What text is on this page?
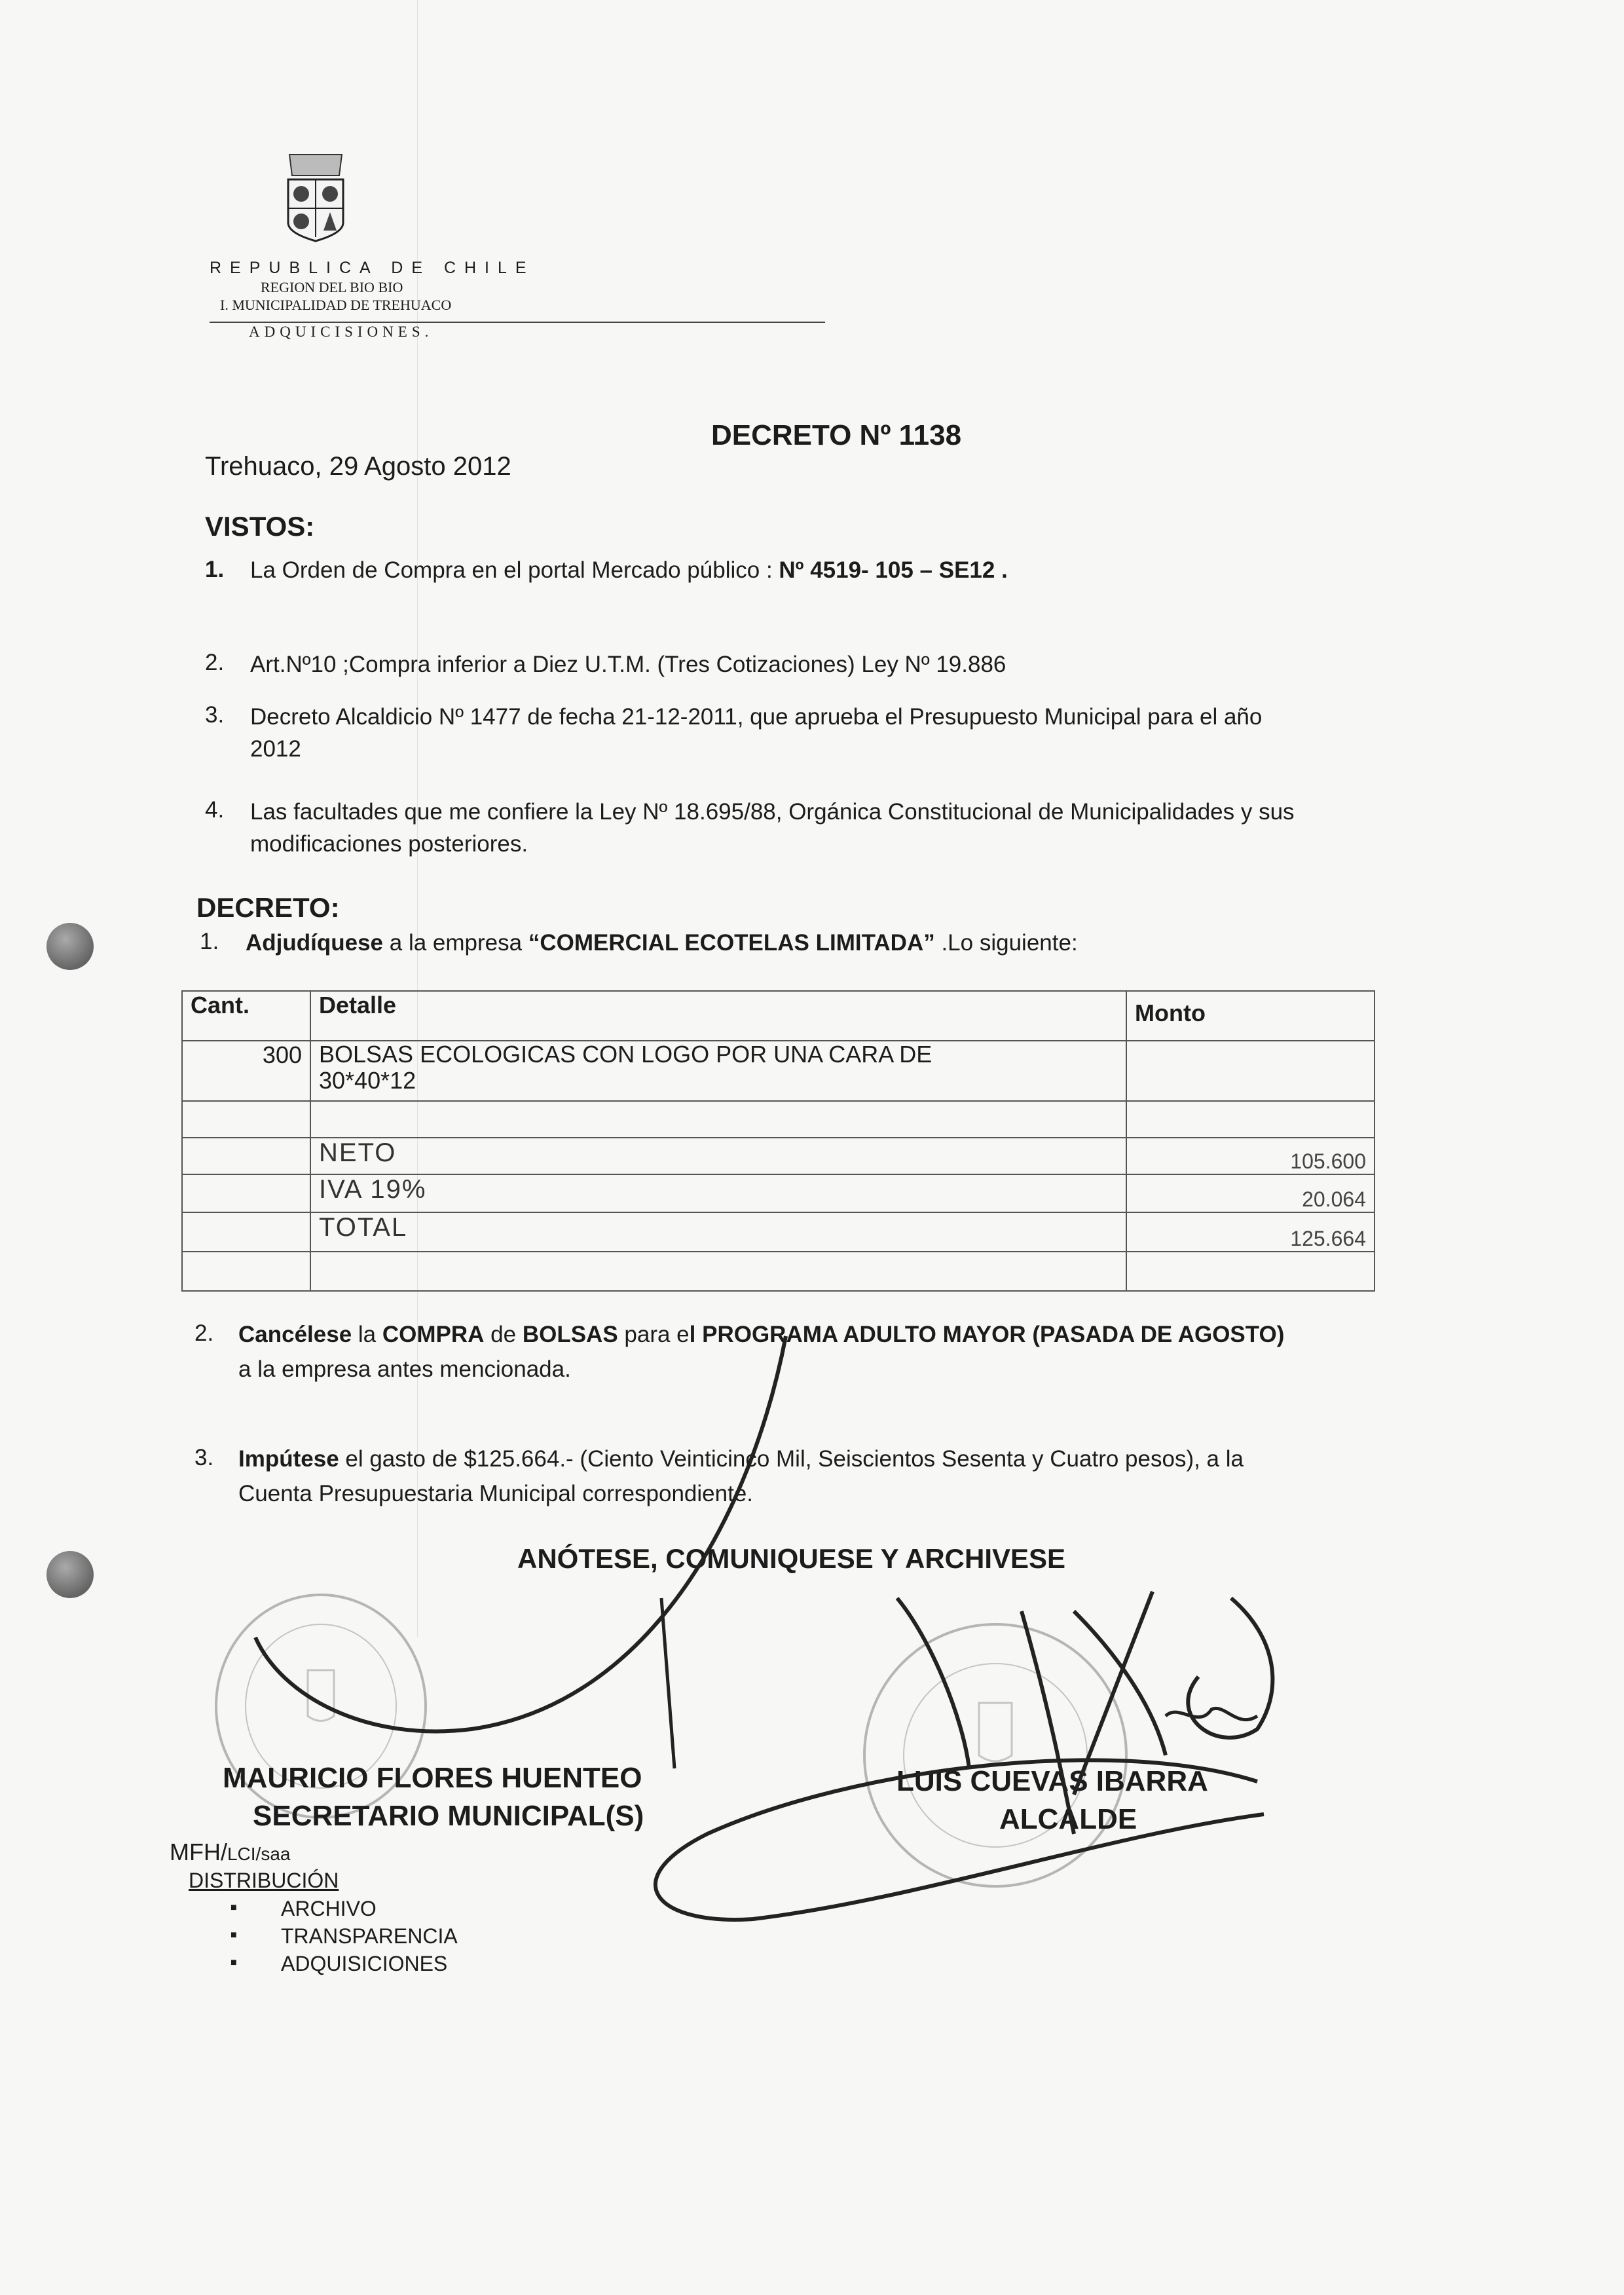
REPUBLICA DE CHILE
REGION DEL BIO BIO
I. MUNICIPALIDAD DE TREHUACO
ADQUICISIONES.
DECRETO Nº 1138
Trehuaco, 29 Agosto 2012
VISTOS:
1. La Orden de Compra en el portal Mercado público : Nº 4519- 105 – SE12 .
2. Art.Nº10 ;Compra inferior a Diez U.T.M. (Tres Cotizaciones) Ley Nº 19.886
3. Decreto Alcaldicio Nº 1477 de fecha 21-12-2011, que aprueba el Presupuesto Municipal para el año
2012
4. Las facultades que me confiere la Ley Nº 18.695/88, Orgánica Constitucional de Municipalidades y sus
modificaciones posteriores.
DECRETO:
1. Adjudíquese a la empresa “COMERCIAL ECOTELAS LIMITADA” .Lo siguiente:
Cant.	Detalle	Monto
300	BOLSAS ECOLOGICAS CON LOGO POR UNA CARA DE
30*40*12	

	NETO	105.600
	IVA 19%	20.064
	TOTAL	125.664

2. Cancélese la COMPRA de BOLSAS para el PROGRAMA ADULTO MAYOR (PASADA DE AGOSTO)
a la empresa antes mencionada.
3. Impútese el gasto de $125.664.- (Ciento Veinticinco Mil, Seiscientos Sesenta y Cuatro pesos), a la
Cuenta Presupuestaria Municipal correspondiente.
ANÓTESE, COMUNIQUESE Y ARCHIVESE
MAURICIO FLORES HUENTEO
SECRETARIO MUNICIPAL(S)
LUIS CUEVAS IBARRA
ALCALDE
MFH/LCI/saa
DISTRIBUCIÓN
■ ARCHIVO
■ TRANSPARENCIA
■ ADQUISICIONES
